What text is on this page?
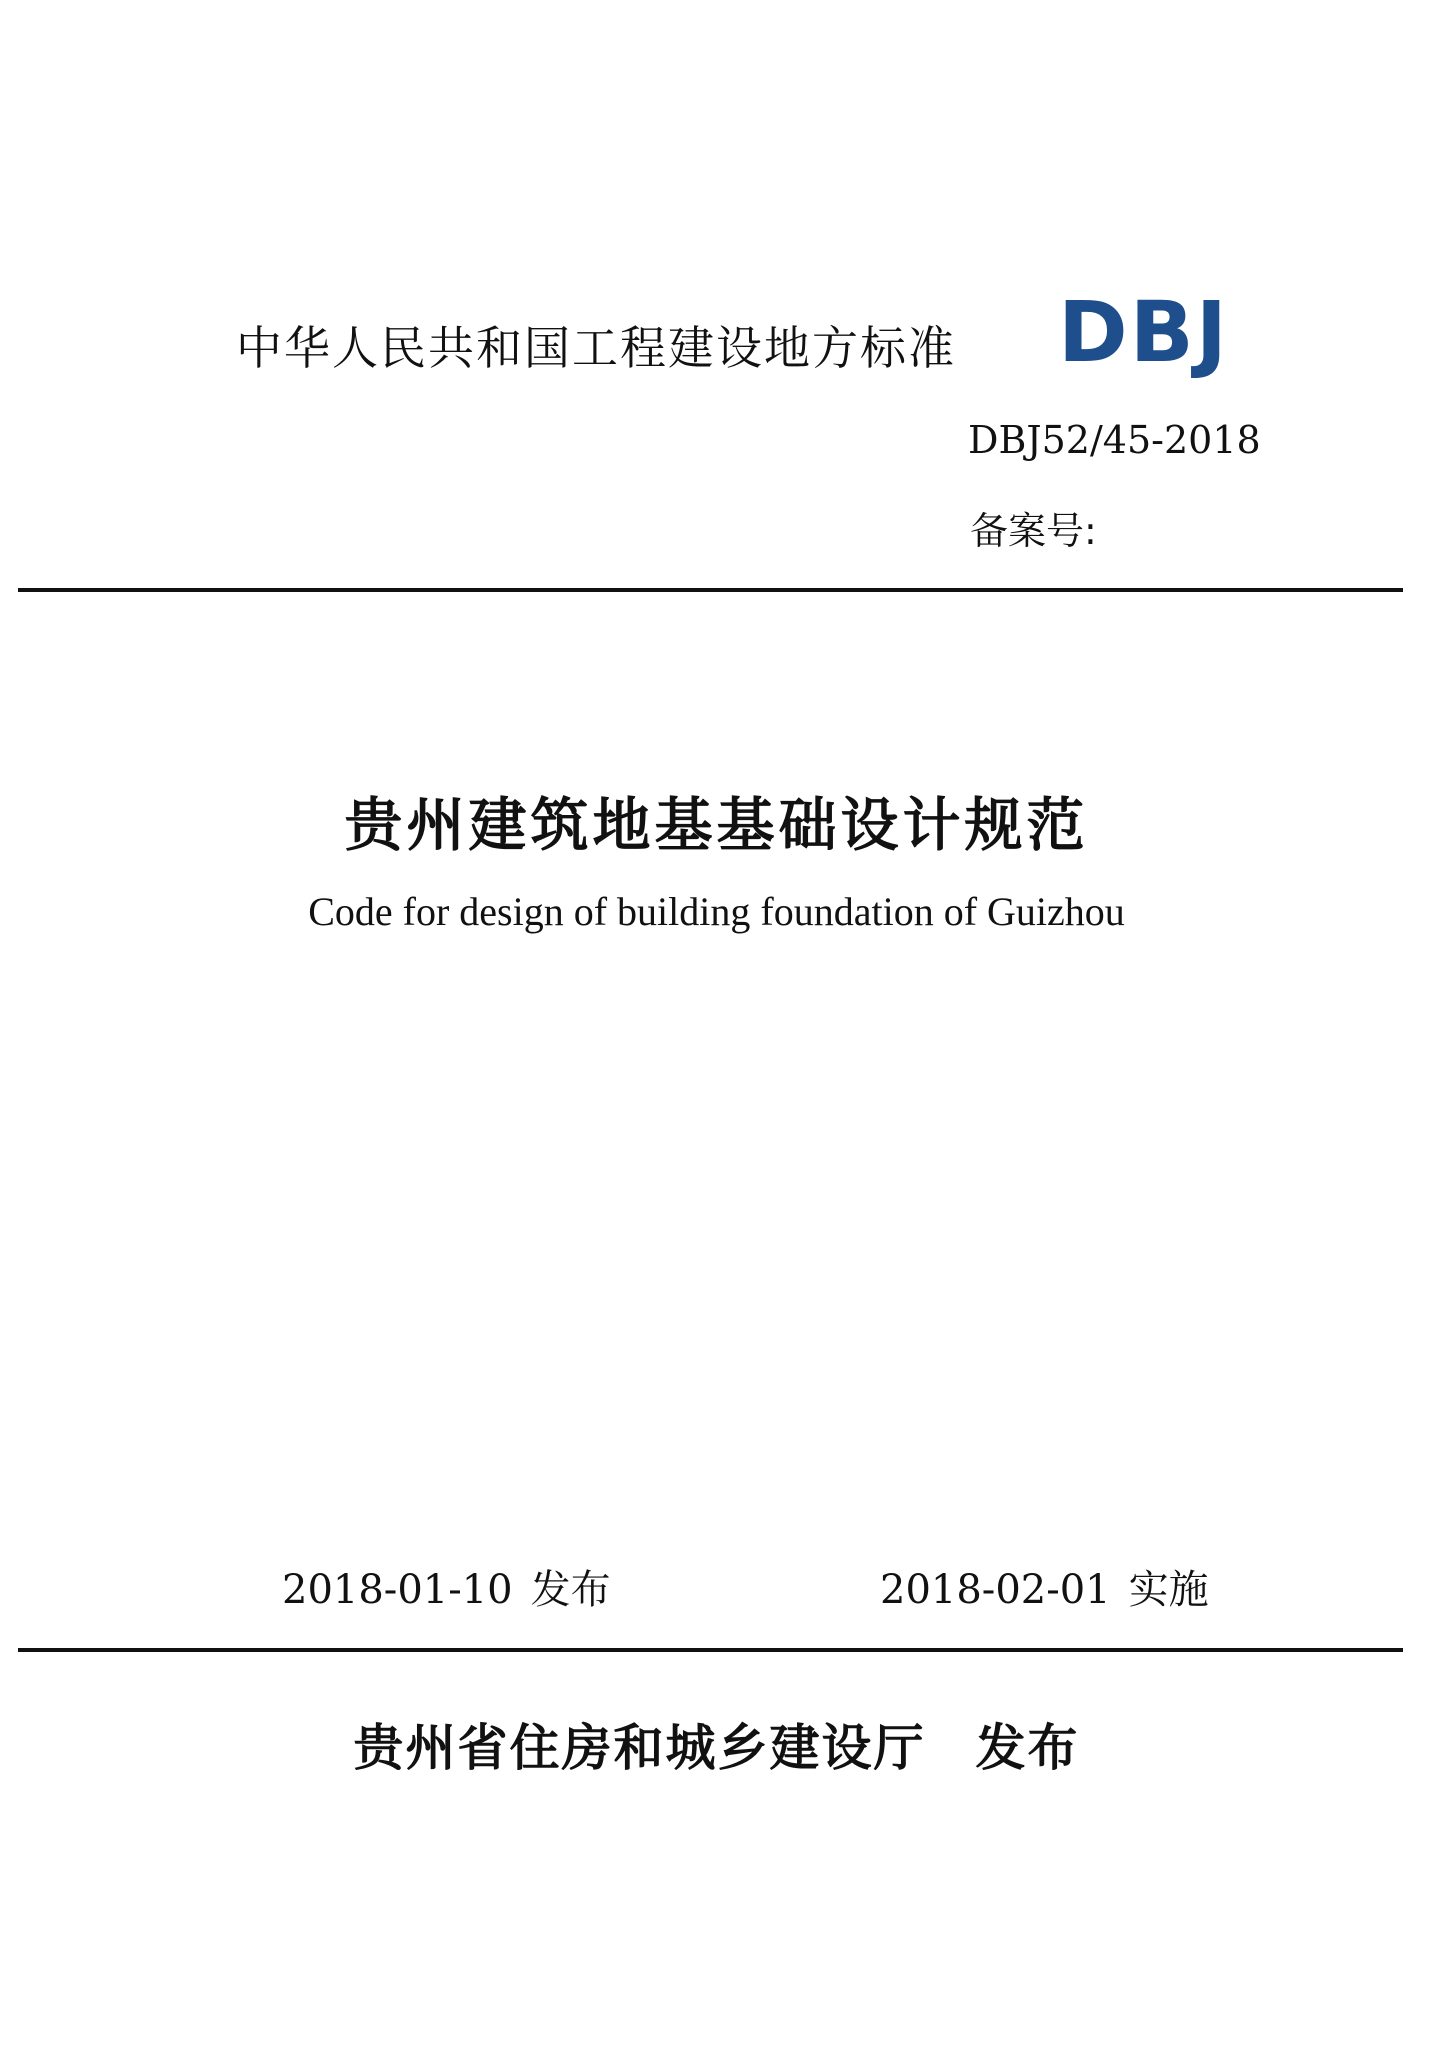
中华人民共和国工程建设地方标准 DBJ
DBJ52/45-2018
备案号:
贵州建筑地基基础设计规范
Code for design of building foundation of Guizhou
2018-01-10 发布	2018-02-01 实施
贵州省住房和城乡建设厅 发布
